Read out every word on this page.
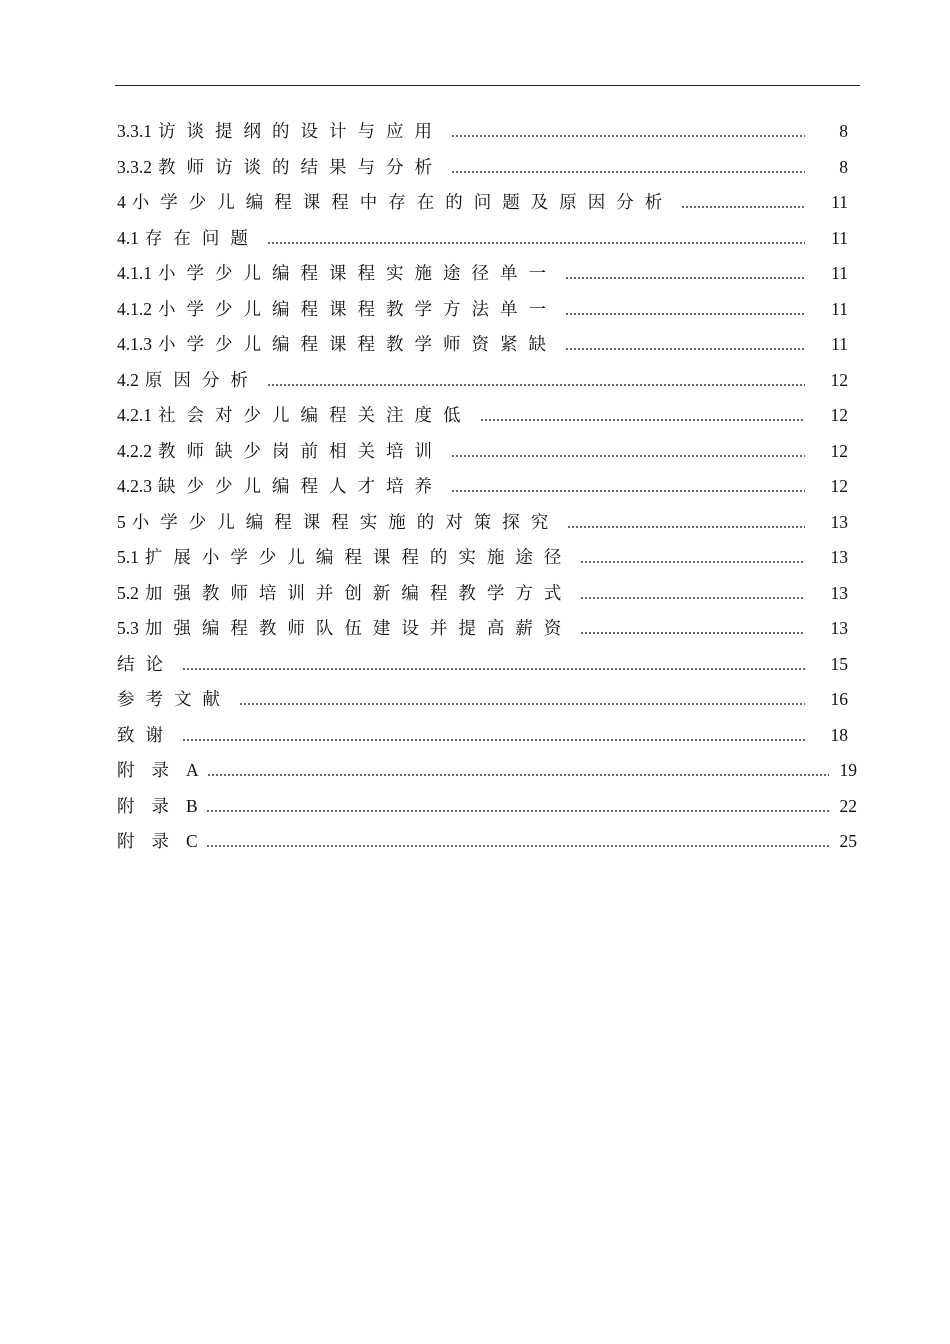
3.3.1 访谈提纲的设计与应用	8
3.3.2 教师访谈的结果与分析	8
4 小学少儿编程课程中存在的问题及原因分析	11
4.1 存在问题	11
4.1.1 小学少儿编程课程实施途径单一	11
4.1.2 小学少儿编程课程教学方法单一	11
4.1.3 小学少儿编程课程教学师资紧缺	11
4.2 原因分析	12
4.2.1 社会对少儿编程关注度低	12
4.2.2 教师缺少岗前相关培训	12
4.2.3 缺少少儿编程人才培养	12
5 小学少儿编程课程实施的对策探究	13
5.1 扩展小学少儿编程课程的实施途径	13
5.2 加强教师培训并创新编程教学方式	13
5.3 加强编程教师队伍建设并提高薪资	13
结论	15
参考文献	16
致谢	18
附录A	19
附录B	22
附录C	25
